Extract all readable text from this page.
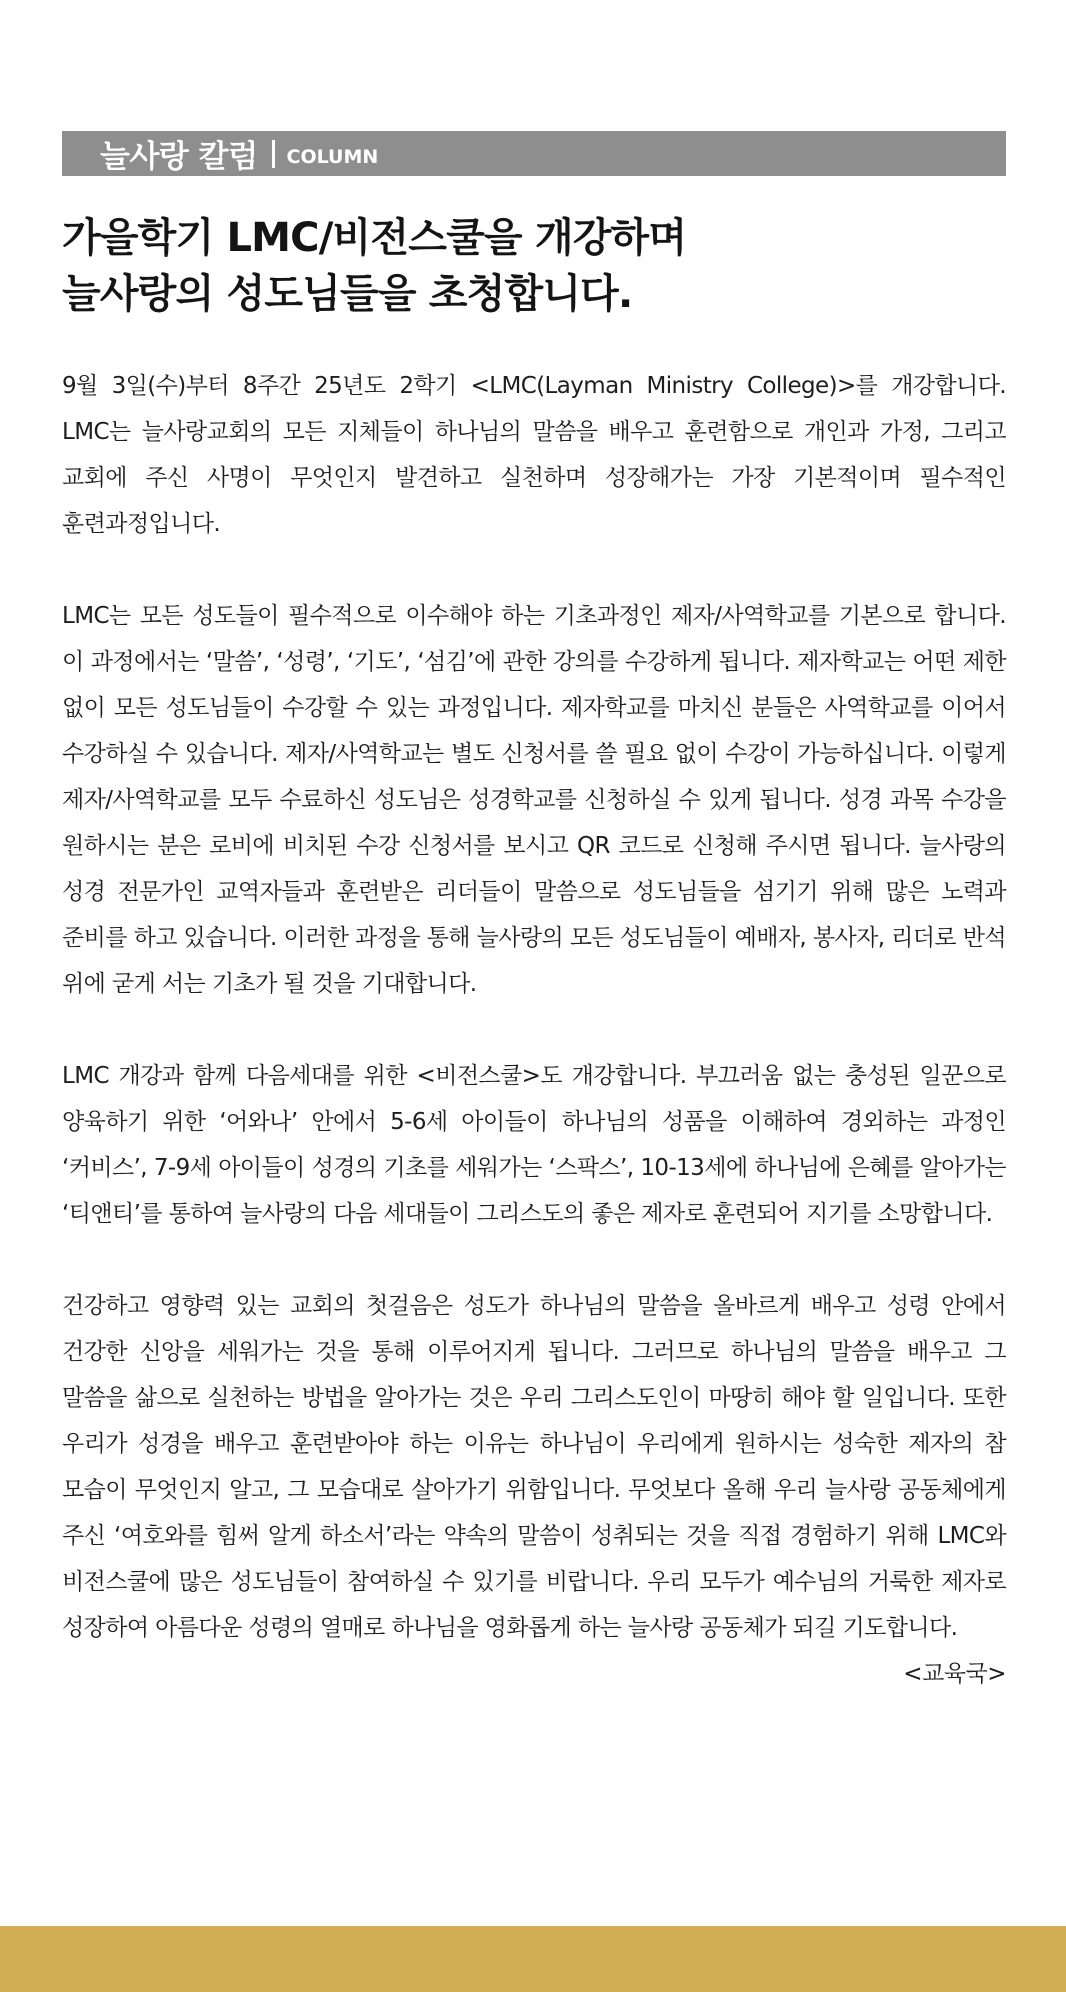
늘사랑 칼럼 COLUMN
가을학기 LMC/비전스쿨을 개강하며
늘사랑의 성도님들을 초청합니다.

9월 3일(수)부터 8주간 25년도 2학기 <LMC(Layman Ministry College)>를 개강합니다. LMC는 늘사랑교회의 모든 지체들이 하나님의 말씀을 배우고 훈련함으로 개인과 가정, 그리고 교회에 주신 사명이 무엇인지 발견하고 실천하며 성장해가는 가장 기본적이며 필수적인 훈련과정입니다.

LMC는 모든 성도들이 필수적으로 이수해야 하는 기초과정인 제자/사역학교를 기본으로 합니다. 이 과정에서는 ‘말씀’, ‘성령’, ‘기도’, ‘섬김’에 관한 강의를 수강하게 됩니다. 제자학교는 어떤 제한 없이 모든 성도님들이 수강할 수 있는 과정입니다. 제자학교를 마치신 분들은 사역학교를 이어서 수강하실 수 있습니다. 제자/사역학교는 별도 신청서를 쓸 필요 없이 수강이 가능하십니다. 이렇게 제자/사역학교를 모두 수료하신 성도님은 성경학교를 신청하실 수 있게 됩니다. 성경 과목 수강을 원하시는 분은 로비에 비치된 수강 신청서를 보시고 QR 코드로 신청해 주시면 됩니다. 늘사랑의 성경 전문가인 교역자들과 훈련받은 리더들이 말씀으로 성도님들을 섬기기 위해 많은 노력과 준비를 하고 있습니다. 이러한 과정을 통해 늘사랑의 모든 성도님들이 예배자, 봉사자, 리더로 반석 위에 굳게 서는 기초가 될 것을 기대합니다.

LMC 개강과 함께 다음세대를 위한 <비전스쿨>도 개강합니다. 부끄러움 없는 충성된 일꾼으로 양육하기 위한 ‘어와나’ 안에서 5-6세 아이들이 하나님의 성품을 이해하여 경외하는 과정인 ‘커비스’, 7-9세 아이들이 성경의 기초를 세워가는 ‘스팍스’, 10-13세에 하나님에 은혜를 알아가는 ‘티앤티’를 통하여 늘사랑의 다음 세대들이 그리스도의 좋은 제자로 훈련되어 지기를 소망합니다.

건강하고 영향력 있는 교회의 첫걸음은 성도가 하나님의 말씀을 올바르게 배우고 성령 안에서 건강한 신앙을 세워가는 것을 통해 이루어지게 됩니다. 그러므로 하나님의 말씀을 배우고 그 말씀을 삶으로 실천하는 방법을 알아가는 것은 우리 그리스도인이 마땅히 해야 할 일입니다. 또한 우리가 성경을 배우고 훈련받아야 하는 이유는 하나님이 우리에게 원하시는 성숙한 제자의 참 모습이 무엇인지 알고, 그 모습대로 살아가기 위함입니다. 무엇보다 올해 우리 늘사랑 공동체에게 주신 ‘여호와를 힘써 알게 하소서’라는 약속의 말씀이 성취되는 것을 직접 경험하기 위해 LMC와 비전스쿨에 많은 성도님들이 참여하실 수 있기를 비랍니다. 우리 모두가 예수님의 거룩한 제자로 성장하여 아름다운 성령의 열매로 하나님을 영화롭게 하는 늘사랑 공동체가 되길 기도합니다.

<교육국>
